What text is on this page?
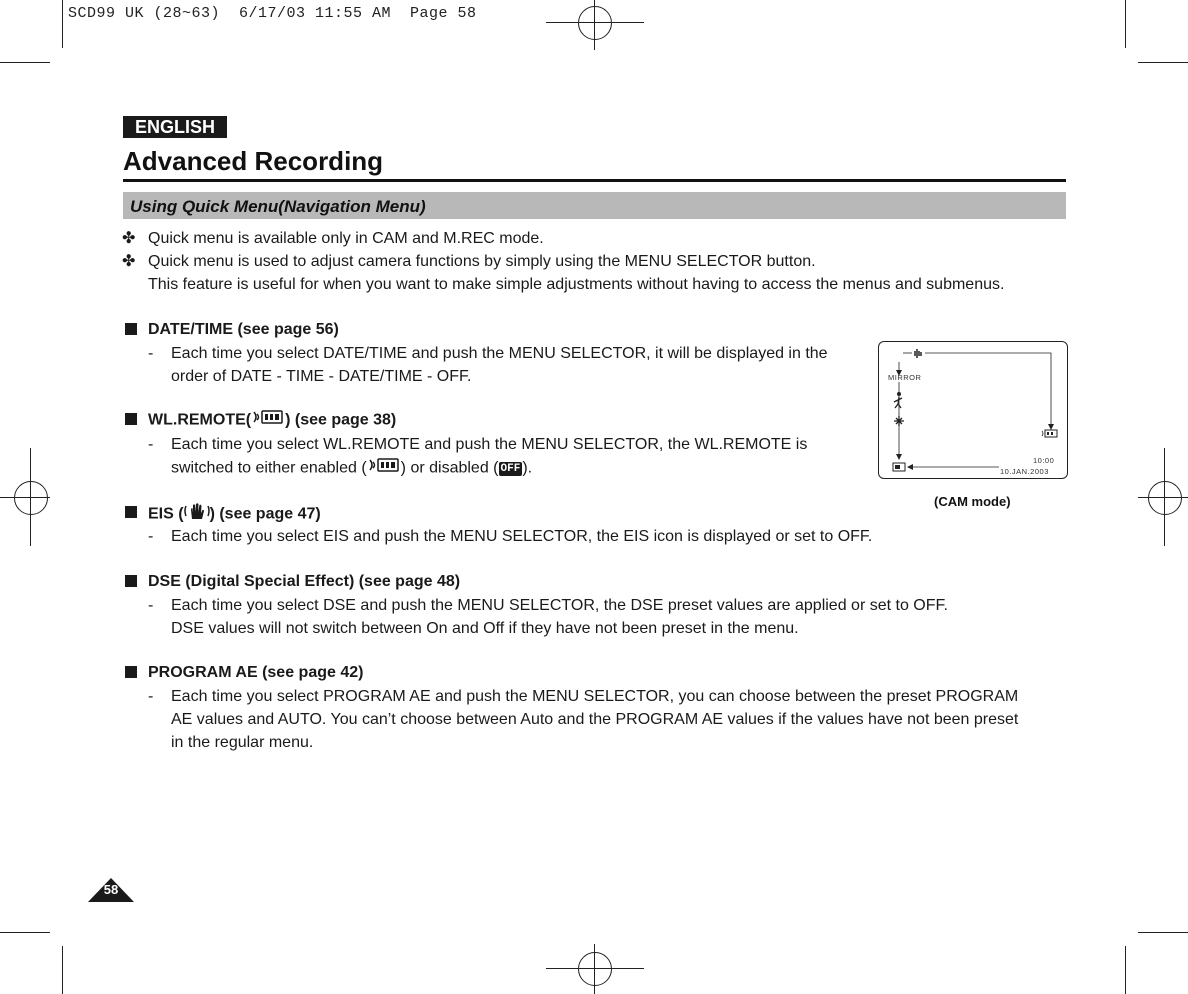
SCD99 UK (28~63)  6/17/03 11:55 AM  Page 58
ENGLISH
Advanced Recording
Using Quick Menu(Navigation Menu)
✤ Quick menu is available only in CAM and M.REC mode.
✤ Quick menu is used to adjust camera functions by simply using the MENU SELECTOR button.
This feature is useful for when you want to make simple adjustments without having to access the menus and submenus.
DATE/TIME (see page 56)
- Each time you select DATE/TIME and push the MENU SELECTOR, it will be displayed in the
order of DATE - TIME - DATE/TIME - OFF.
WL.REMOTE( ) (see page 38)
- Each time you select WL.REMOTE and push the MENU SELECTOR, the WL.REMOTE is
switched to either enabled ( ) or disabled ( OFF ).
EIS ( ) (see page 47)
- Each time you select EIS and push the MENU SELECTOR, the EIS icon is displayed or set to OFF.
DSE (Digital Special Effect) (see page 48)
- Each time you select DSE and push the MENU SELECTOR, the DSE preset values are applied or set to OFF.
DSE values will not switch between On and Off if they have not been preset in the menu.
PROGRAM AE (see page 42)
- Each time you select PROGRAM AE and push the MENU SELECTOR, you can choose between the preset PROGRAM
AE values and AUTO. You can’t choose between Auto and the PROGRAM AE values if the values have not been preset
in the regular menu.
MIRROR
10:00
10.JAN.2003
(CAM mode)
58
